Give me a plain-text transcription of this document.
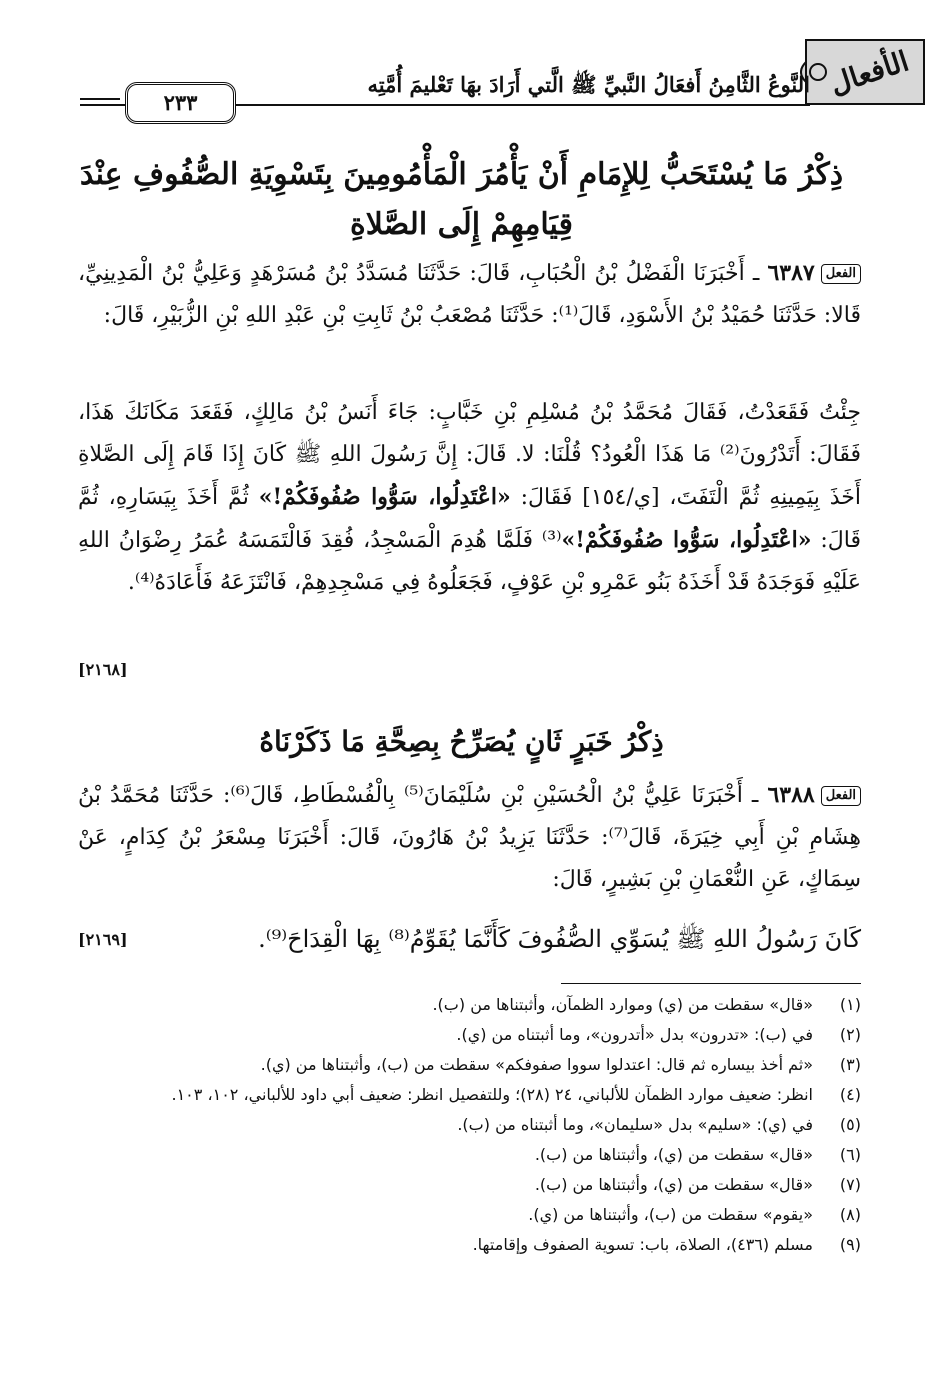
الأفعال
النَّوعُ الثَّامِنُ أَفعَالُ النَّبيِّ ﷺ الَّتي أَرَادَ بهَا تَعْليمَ أُمَّتِه
٢٣٣
ذِكْرُ مَا يُسْتَحَبُّ لِلإِمَامِ أَنْ يَأْمُرَ الْمَأْمُومِينَ بِتَسْوِيَةِ الصُّفُوفِ عِنْدَ قِيَامِهِمْ إِلَى الصَّلاةِ
الفعل٦٣٨٧ ـ أَخْبَرَنَا الْفَضْلُ بْنُ الْحُبَابِ، قَالَ: حَدَّثَنَا مُسَدَّدُ بْنُ مُسَرْهَدٍ وَعَلِيُّ بْنُ الْمَدِينِيِّ، قَالا: حَدَّثَنَا حُمَيْدُ بْنُ الأَسْوَدِ، قَالَ⁽¹⁾: حَدَّثَنَا مُصْعَبُ بْنُ ثَابِتِ بْنِ عَبْدِ اللهِ بْنِ الزُّبَيْرِ، قَالَ:
جِئْتُ فَقَعَدْتُ، فَقَالَ مُحَمَّدُ بْنُ مُسْلِمِ بْنِ خَبَّابٍ: جَاءَ أَنَسُ بْنُ مَالِكٍ، فَقَعَدَ مَكَانَكَ هَذَا، فَقَالَ: أَتَدْرُونَ⁽²⁾ مَا هَذَا الْعُودُ؟ قُلْنَا: لا. قَالَ: إِنَّ رَسُولَ اللهِ ﷺ كَانَ إِذَا قَامَ إِلَى الصَّلاةِ أَخَذَ بِيَمِينِهِ ثُمَّ الْتَفَتَ، [ي/١٥٤] فَقَالَ: «اعْتَدِلُوا، سَوُّوا صُفُوفَكُمْ!» ثُمَّ أَخَذَ بِيَسَارِهِ، ثُمَّ قَالَ: «اعْتَدِلُوا، سَوُّوا صُفُوفَكُمْ!»⁽³⁾ فَلَمَّا هُدِمَ الْمَسْجِدُ، فُقِدَ فَالْتَمَسَهُ عُمَرُ رِضْوَانُ اللهِ عَلَيْهِ فَوَجَدَهُ قَدْ أَخَذَهُ بَنُو عَمْرِو بْنِ عَوْفٍ، فَجَعَلُوهُ فِي مَسْجِدِهِمْ، فَانْتَزَعَهُ فَأَعَادَهُ⁽⁴⁾.
[٢١٦٨]
ذِكْرُ خَبَرٍ ثَانٍ يُصَرِّحُ بِصِحَّةِ مَا ذَكَرْنَاهُ
الفعل٦٣٨٨ ـ أَخْبَرَنَا عَلِيُّ بْنُ الْحُسَيْنِ بْنِ سُلَيْمَانَ⁽⁵⁾ بِالْفُسْطَاطِ، قَالَ⁽⁶⁾: حَدَّثَنَا مُحَمَّدُ بْنُ هِشَامِ بْنِ أَبِي خِيَرَةَ، قَالَ⁽⁷⁾: حَدَّثَنَا يَزِيدُ بْنُ هَارُونَ، قَالَ: أَخْبَرَنَا مِسْعَرُ بْنُ كِدَامٍ، عَنْ سِمَاكٍ، عَنِ النُّعْمَانِ بْنِ بَشِيرٍ، قَالَ:
كَانَ رَسُولُ اللهِ ﷺ يُسَوِّي الصُّفُوفَ كَأَنَّمَا يُقَوِّمُ⁽⁸⁾ بِهَا الْقِدَاحَ⁽⁹⁾.
[٢١٦٩]
(١)
«قال» سقطت من (ي) وموارد الظمآن، وأثبتناها من (ب).
(٢)
في (ب): «تدرون» بدل «أتدرون»، وما أثبتناه من (ي).
(٣)
«ثم أخذ بيساره ثم قال: اعتدلوا سووا صفوفكم» سقطت من (ب)، وأثبتناها من (ي).
(٤)
انظر: ضعيف موارد الظمآن للألباني، ٢٤ (٢٨)؛ وللتفصيل انظر: ضعيف أبي داود للألباني، ١٠٢، ١٠٣.
(٥)
في (ي): «سليم» بدل «سليمان»، وما أثبتناه من (ب).
(٦)
«قال» سقطت من (ي)، وأثبتناها من (ب).
(٧)
«قال» سقطت من (ي)، وأثبتناها من (ب).
(٨)
«يقوم» سقطت من (ب)، وأثبتناها من (ي).
(٩)
مسلم (٤٣٦)، الصلاة، باب: تسوية الصفوف وإقامتها.
